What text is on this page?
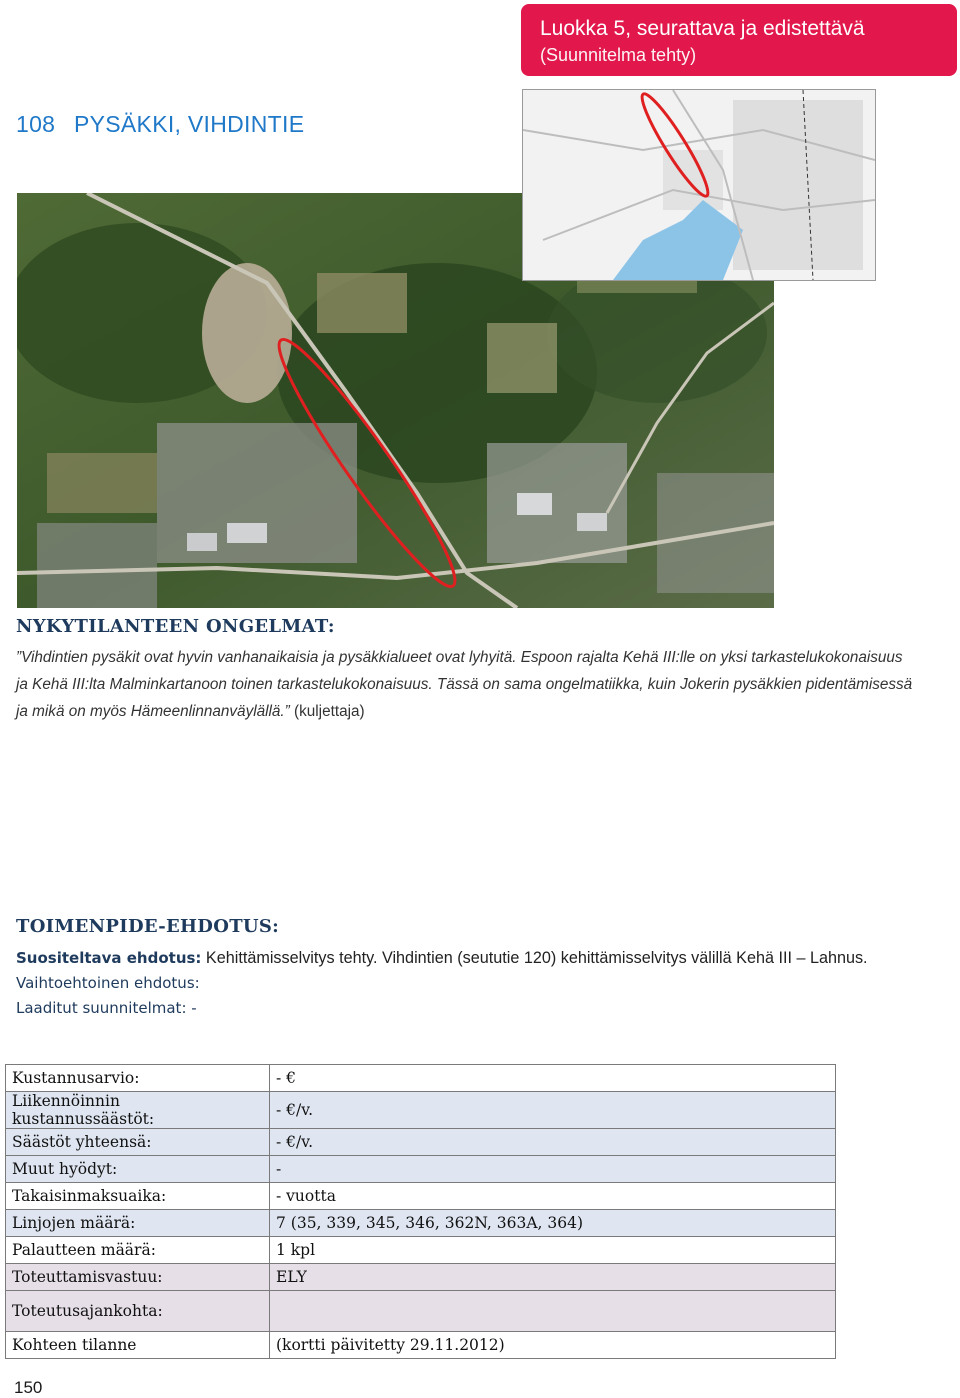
Luokka 5, seurattava ja edistettävä
(Suunnitelma tehty)
108 PYSÄKKI, VIHDINTIE
NYKYTILANTEEN ONGELMAT:
”Vihdintien pysäkit ovat hyvin vanhanaikaisia ja pysäkkialueet ovat lyhyitä. Espoon rajalta Kehä III:lle on yksi tarkastelukokonaisuus ja Kehä III:lta Malminkartanoon toinen tarkastelukokonaisuus. Tässä on sama ongelmatiikka, kuin Jokerin pysäkkien pidentämisessä ja mikä on myös Hämeenlinnanväylällä.” (kuljettaja)
TOIMENPIDE-EHDOTUS:
Suositeltava ehdotus: Kehittämisselvitys tehty. Vihdintien (seututie 120) kehittämisselvitys välillä Kehä III – Lahnus.
Vaihtoehtoinen ehdotus:
Laaditut suunnitelmat: -
Kustannusarvio:	- €
Liikennöinnin kustannussäästöt:	- €/v.
Säästöt yhteensä:	- €/v.
Muut hyödyt:	-
Takaisinmaksuaika:	- vuotta
Linjojen määrä:	7 (35, 339, 345, 346, 362N, 363A, 364)
Palautteen määrä:	1 kpl
Toteuttamisvastuu:	ELY
Toteutusajankohta:	
Kohteen tilanne	(kortti päivitetty 29.11.2012)
150
